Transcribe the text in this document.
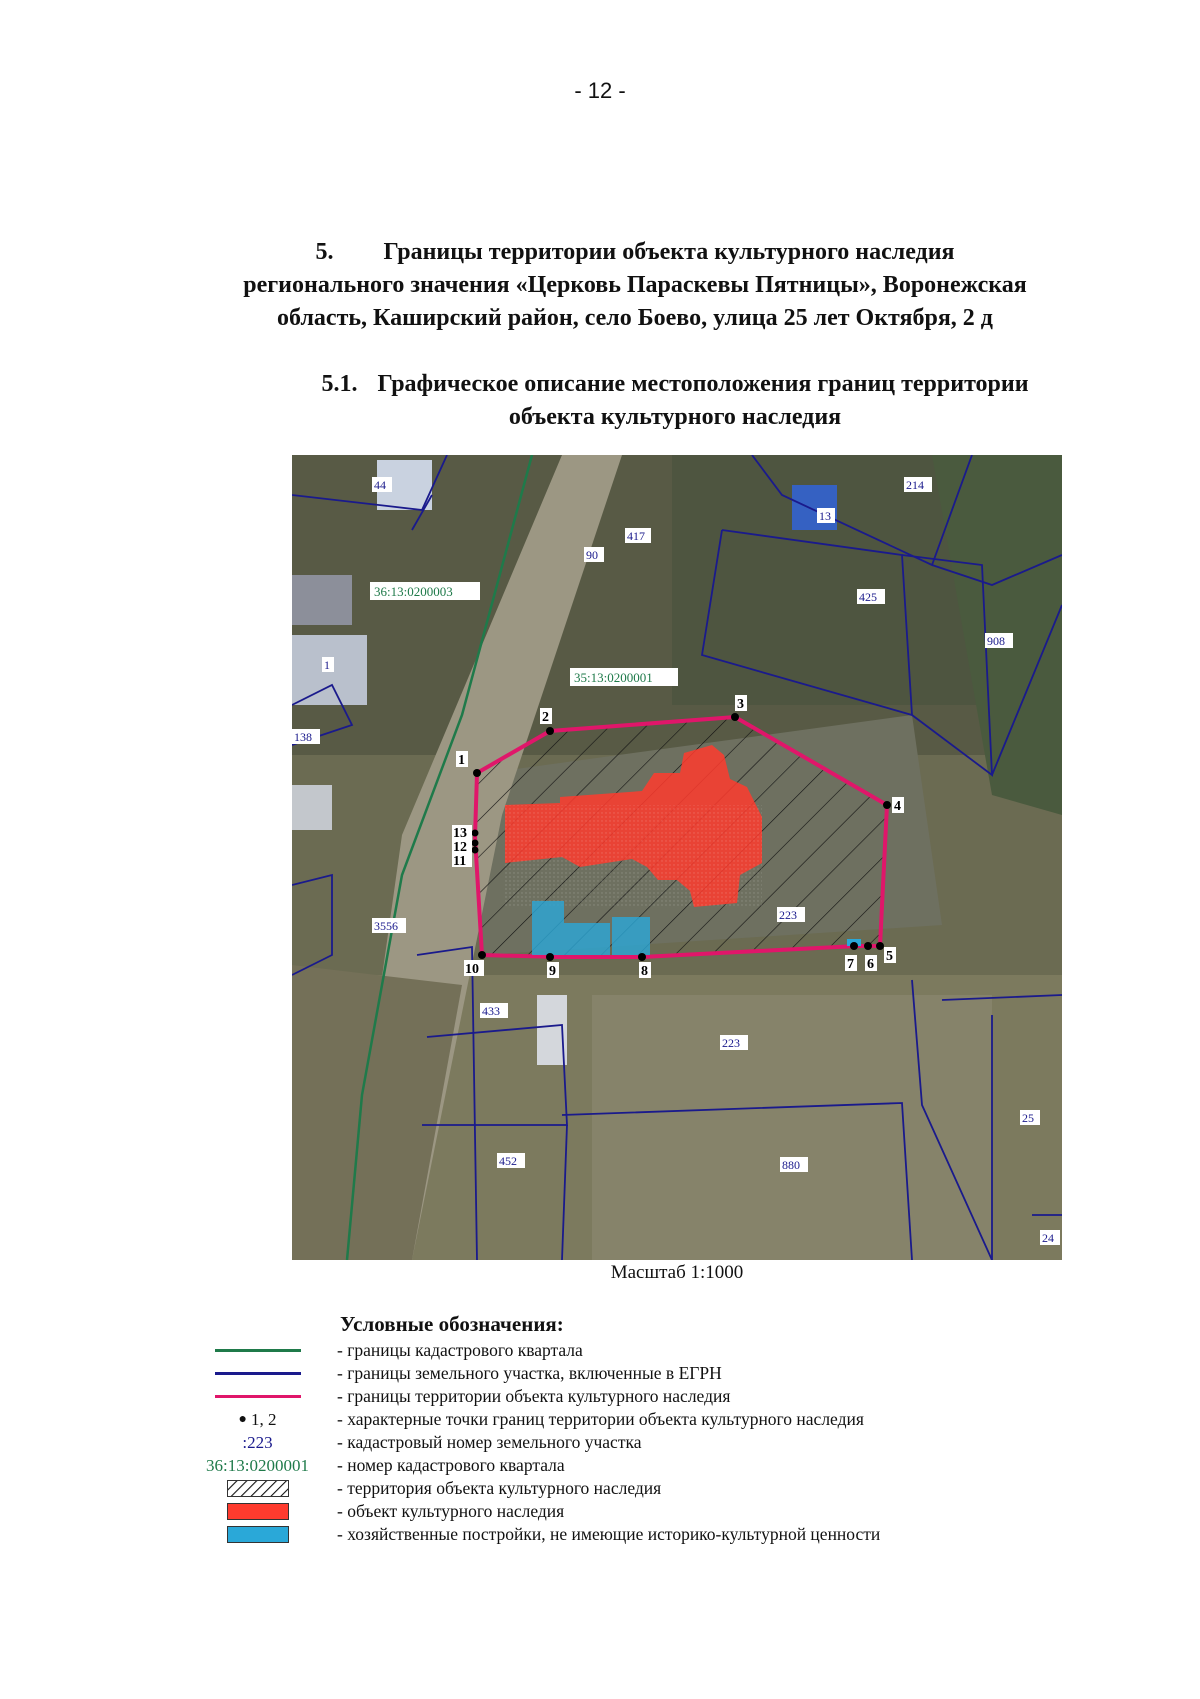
- 12 -
5. Границы территории объекта культурного наследия
регионального значения «Церковь Параскевы Пятницы», Воронежская
область, Каширский район, село Боево, улица 25 лет Октября, 2 д
5.1. Графическое описание местоположения границ территории
объекта культурного наследия
1
2
3
4
5
6
7
8
9
10
11
12
13
36:13:0200003
35:13:0200001
44
417
90
214
13
425
908
1
138
3556
223
433
223
25
452	880
24
Масштаб 1:1000
Условные обозначения:
- границы кадастрового квартала
- границы земельного участка, включенные в ЕГРН
- границы территории объекта культурного наследия
● 1, 2	- характерные точки границ территории объекта культурного наследия
:223	- кадастровый номер земельного участка
36:13:0200001	- номер кадастрового квартала
- территория объекта культурного наследия
- объект культурного наследия
- хозяйственные постройки, не имеющие историко-культурной ценности
